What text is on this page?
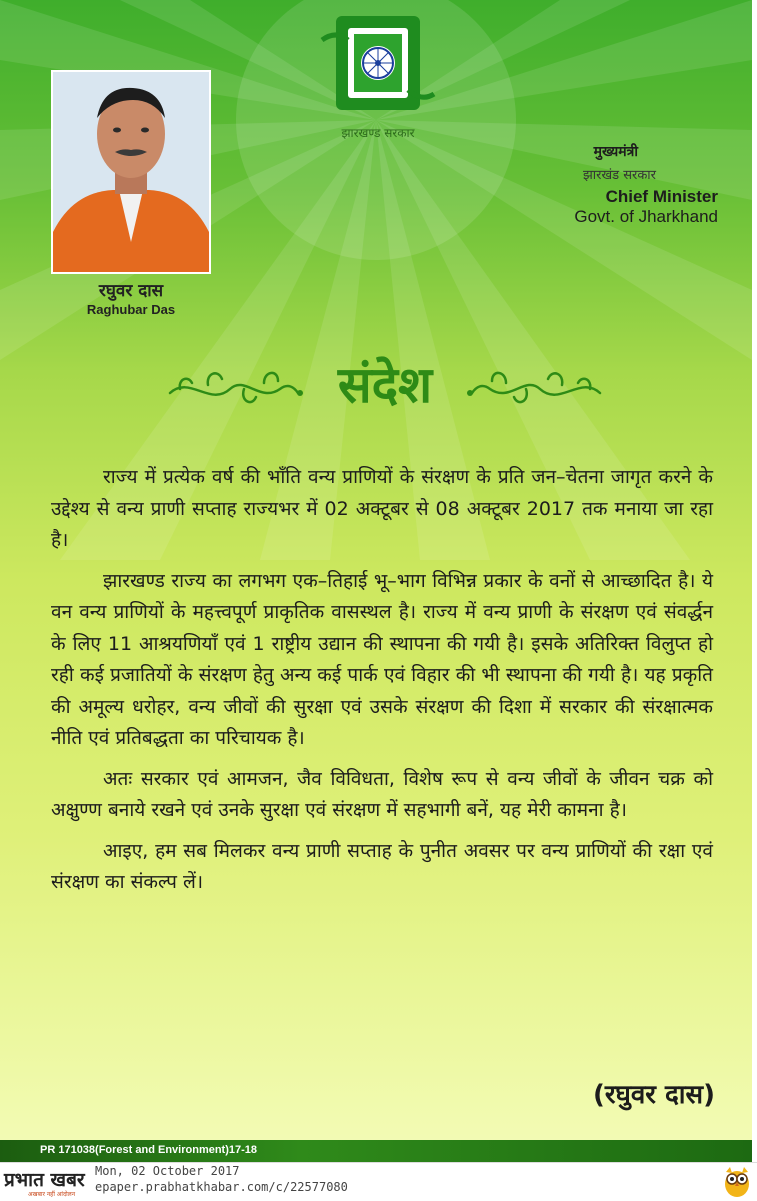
झारखण्ड सरकार
रघुवर दास
Raghubar Das
मुख्यमंत्री
झारखंड सरकार
Chief Minister
Govt. of Jharkhand
संदेश

राज्य में प्रत्येक वर्ष की भाँति वन्य प्राणियों के संरक्षण के प्रति जन–चेतना जागृत करने के उद्देश्य से वन्य प्राणी सप्ताह राज्यभर में 02 अक्टूबर से 08 अक्टूबर 2017 तक मनाया जा रहा है।

झारखण्ड राज्य का लगभग एक–तिहाई भू–भाग विभिन्न प्रकार के वनों से आच्छादित है। ये वन वन्य प्राणियों के महत्त्वपूर्ण प्राकृतिक वासस्थल है। राज्य में वन्य प्राणी के संरक्षण एवं संवर्द्धन के लिए 11 आश्रयणियाँ एवं 1 राष्ट्रीय उद्यान की स्थापना की गयी है। इसके अतिरिक्त विलुप्त हो रही कई प्रजातियों के संरक्षण हेतु अन्य कई पार्क एवं विहार की भी स्थापना की गयी है। यह प्रकृति की अमूल्य धरोहर, वन्य जीवों की सुरक्षा एवं उसके संरक्षण की दिशा में सरकार की संरक्षात्मक नीति एवं प्रतिबद्धता का परिचायक है।

अतः सरकार एवं आमजन, जैव विविधता, विशेष रूप से वन्य जीवों के जीवन चक्र को अक्षुण्ण बनाये रखने एवं उनके सुरक्षा एवं संरक्षण में सहभागी बनें, यह मेरी कामना है।

आइए, हम सब मिलकर वन्य प्राणी सप्ताह के पुनीत अवसर पर वन्य प्राणियों की रक्षा एवं संरक्षण का संकल्प लें।

(रघुवर दास)
PR 171038(Forest and Environment)17-18
प्रभात खबर
अखबार नहीं आंदोलन
Mon, 02 October 2017
epaper.prabhatkhabar.com/c/22577080
